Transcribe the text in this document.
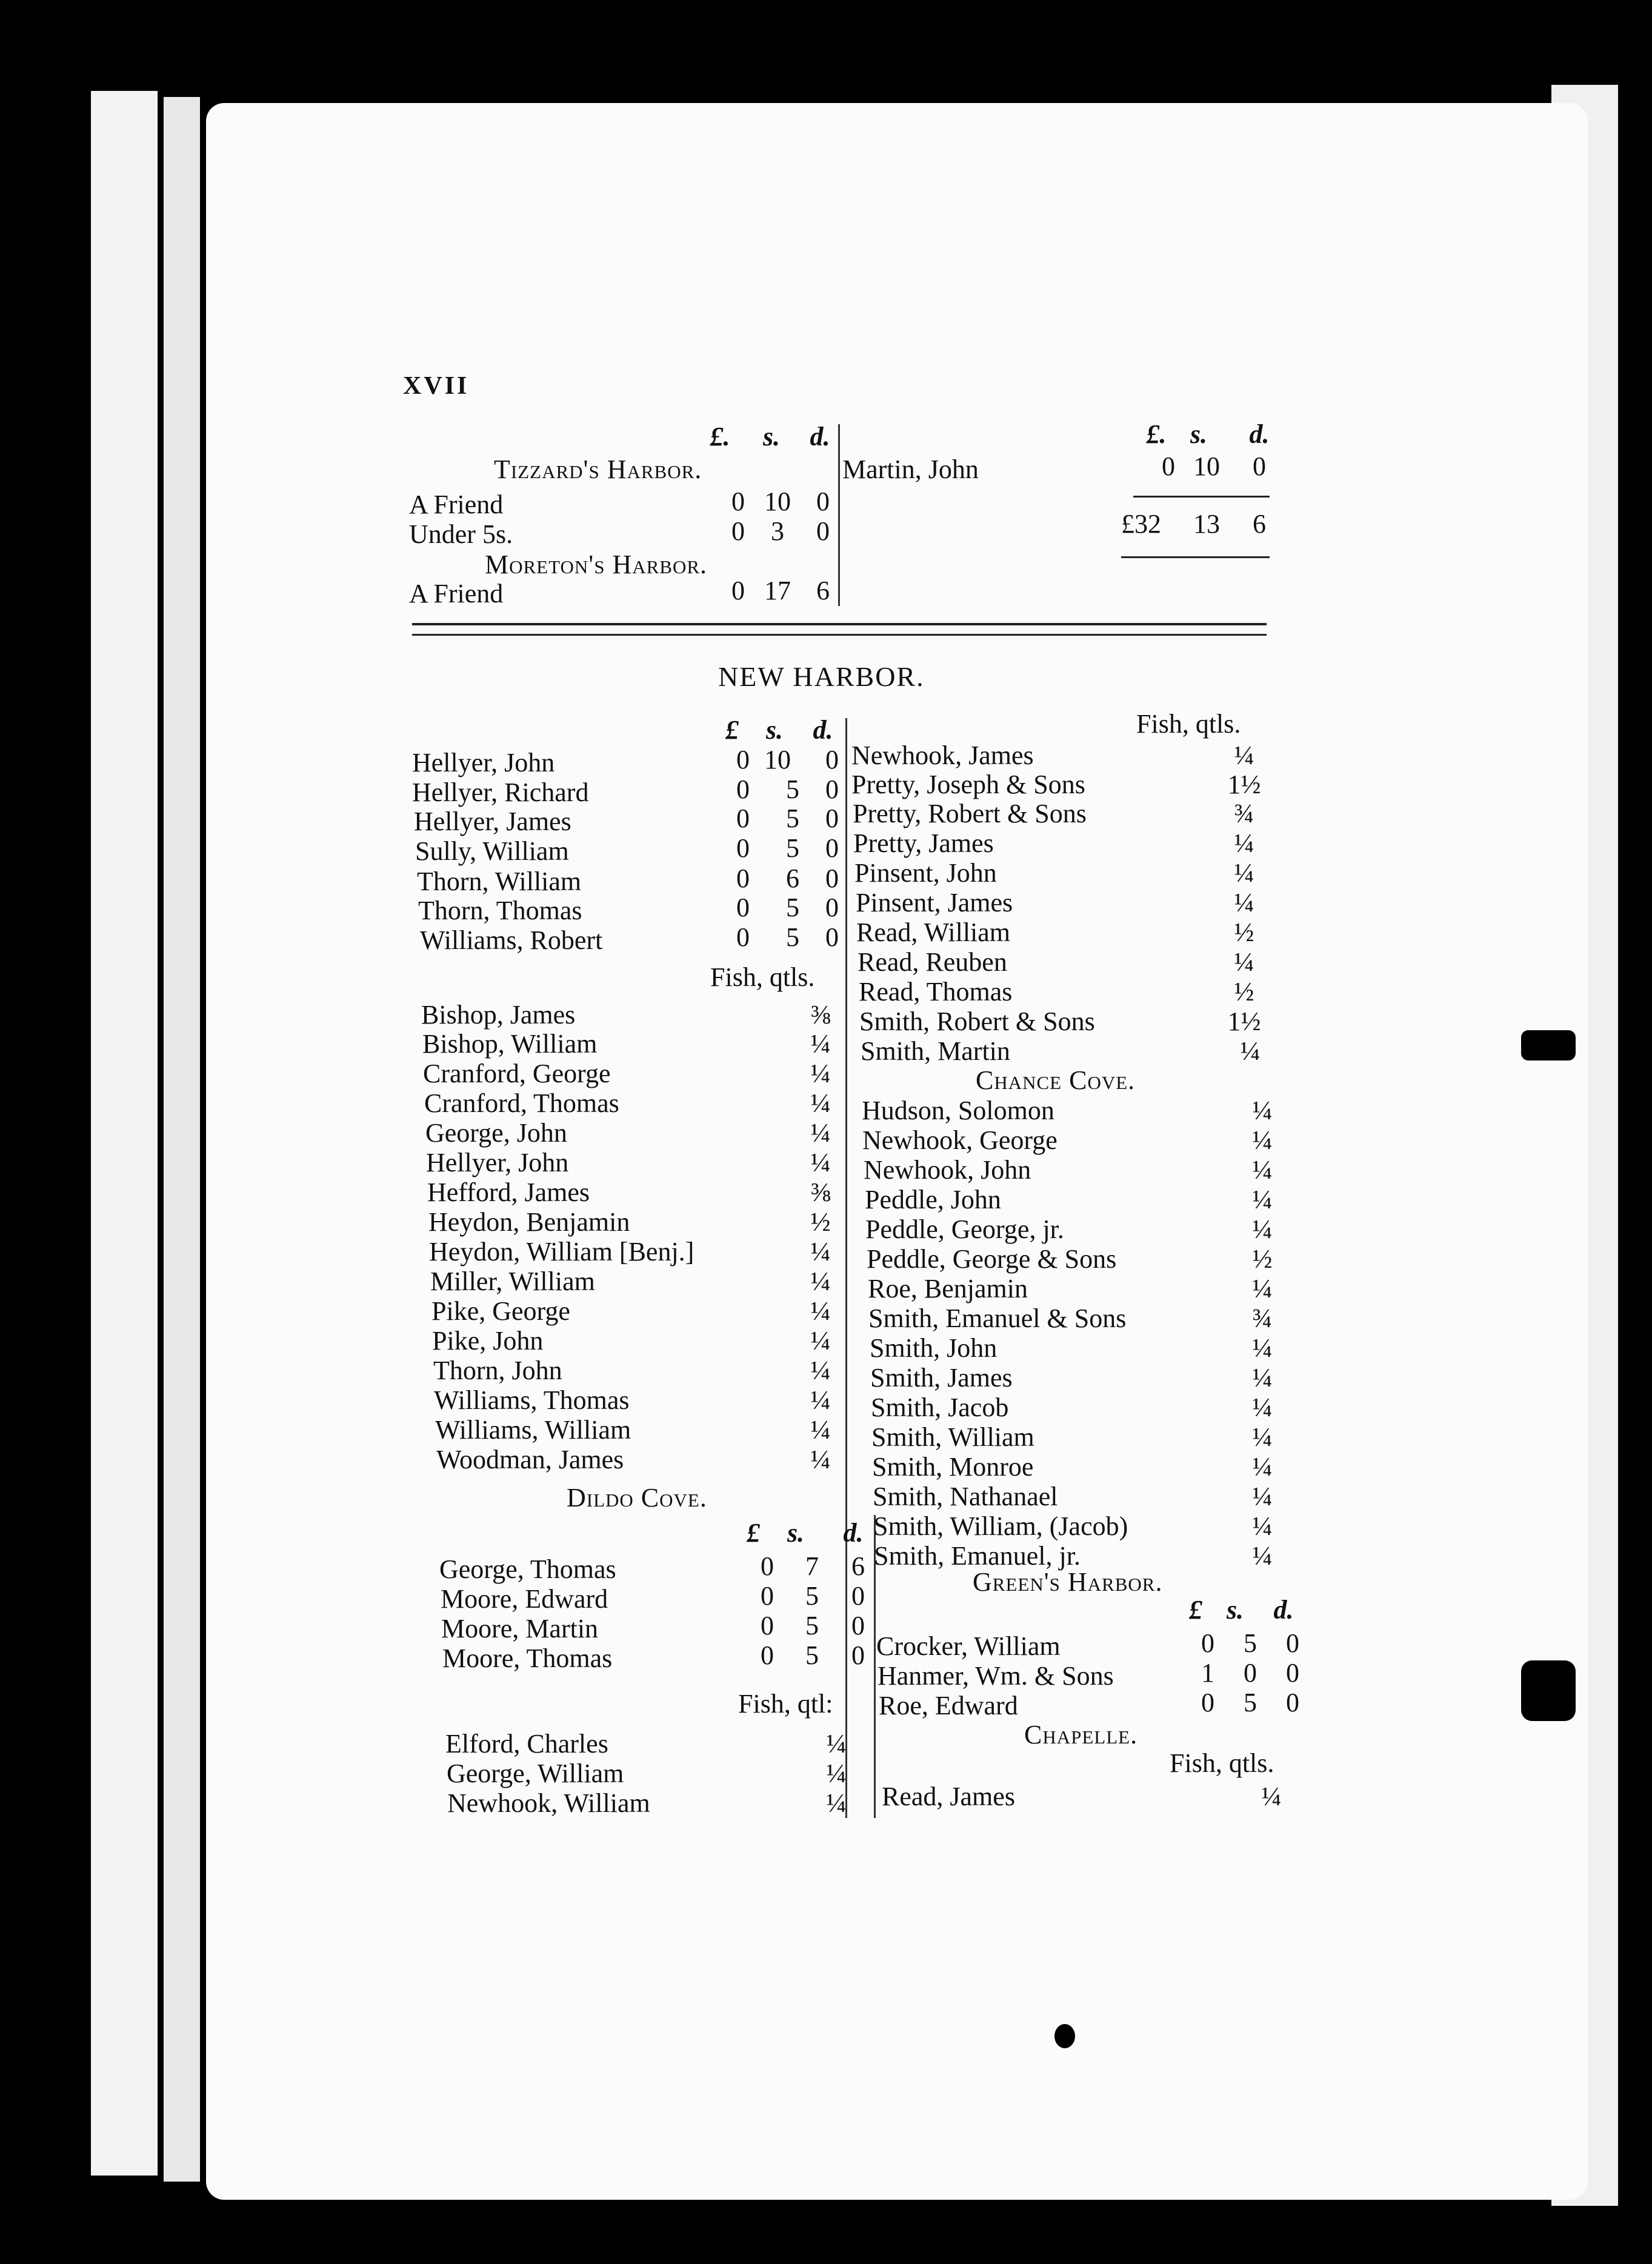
XVII
£.	s.	d.
Tizzard's Harbor.
A Friend	0 10 0
Under 5s.	0 3	0
Moreton's Harbor.
A Friend	0 17 6
£. s.	d.
Martin, John	0 10	0
£32 13	6
NEW HARBOR.
£	s.	d.
Hellyer, John	0 10	0
Hellyer, Richard	0	5 0
Hellyer, James	0	5 0
Sully, William	0	5 0
Thorn, William	0	6 0
Thorn, Thomas	0	5 0
Williams, Robert	0	5 0
Fish, qtls.
Bishop, James	⅜
Bishop, William	¼
Cranford, George	¼
Cranford, Thomas	¼
George, John	¼
Hellyer, John	¼
Hefford, James	⅜
Heydon, Benjamin	½
Heydon, William [Benj.]	¼
Miller, William	¼
Pike, George	¼
Pike, John	¼
Thorn, John	¼
Williams, Thomas	¼
Williams, William	¼
Woodman, James	¼
Dildo Cove.
£	s.	d.
George, Thomas	0	7	6
Moore, Edward	0	5	0
Moore, Martin	0	5	0
Moore, Thomas	0	5	0
Fish, qtl:
Elford, Charles	¼
George, William	¼
Newhook, William	¼
Fish, qtls.
Newhook, James	¼
Pretty, Joseph & Sons	1½
Pretty, Robert & Sons	¾
Pretty, James	¼
Pinsent, John	¼
Pinsent, James	¼
Read, William	½
Read, Reuben	¼
Read, Thomas	½
Smith, Robert & Sons	1½
Smith, Martin	¼
Chance Cove.
Hudson, Solomon	¼
Newhook, George	¼
Newhook, John	¼
Peddle, John	¼
Peddle, George, jr.	¼
Peddle, George & Sons	½
Roe, Benjamin	¼
Smith, Emanuel & Sons	¾
Smith, John	¼
Smith, James	¼
Smith, Jacob	¼
Smith, William	¼
Smith, Monroe	¼
Smith, Nathanael	¼
Smith, William, (Jacob)	¼
Smith, Emanuel, jr.	¼
Green's Harbor.
£ s.	d.
Crocker, William	0	5	0
Hanmer, Wm. & Sons	1	0	0
Roe, Edward	0	5	0
Chapelle.
Fish, qtls.
Read, James	¼
